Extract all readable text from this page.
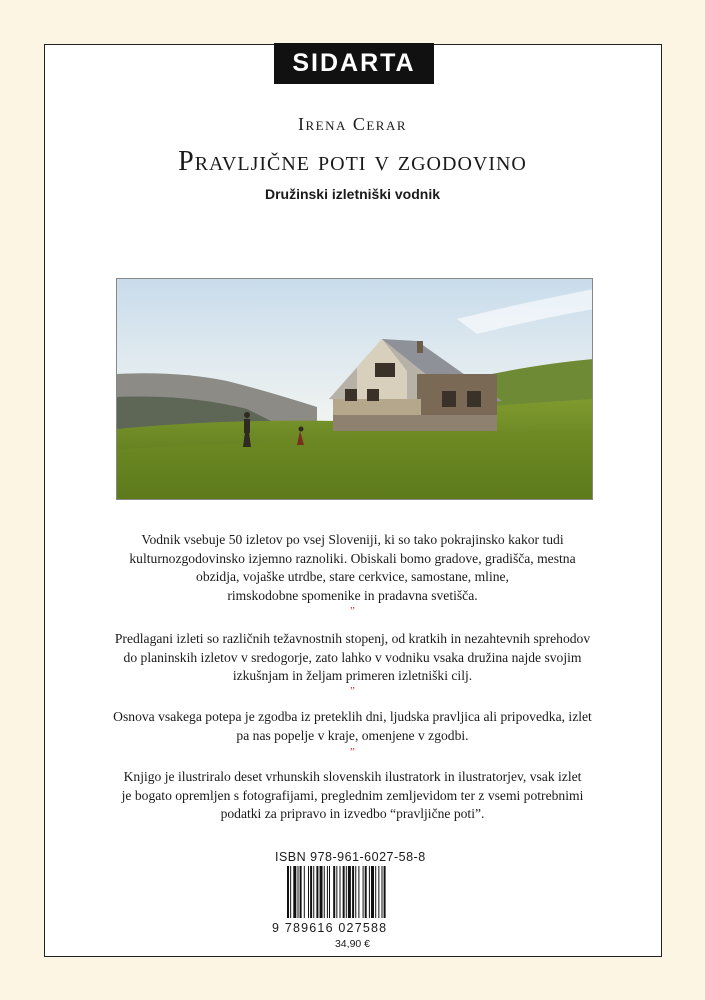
SIDARTA
Irena Cerar
Pravljične poti v zgodovino
Družinski izletniški vodnik
Vodnik vsebuje 50 izletov po vsej Sloveniji, ki so tako pokrajinsko kakor tudi
kulturnozgodovinsko izjemno raznoliki. Obiskali bomo gradove, gradišča, mestna
obzidja, vojaške utrdbe, stare cerkvice, samostane, mline,
rimskodobne spomenike in pradavna svetišča.
”
Predlagani izleti so različnih težavnostnih stopenj, od kratkih in nezahtevnih sprehodov
do planinskih izletov v sredogorje, zato lahko v vodniku vsaka družina najde svojim
izkušnjam in željam primeren izletniški cilj.
”
Osnova vsakega potepa je zgodba iz preteklih dni, ljudska pravljica ali pripovedka, izlet
pa nas popelje v kraje, omenjene v zgodbi.
”
Knjigo je ilustriralo deset vrhunskih slovenskih ilustratork in ilustratorjev, vsak izlet
je bogato opremljen s fotografijami, preglednim zemljevidom ter z vsemi potrebnimi
podatki za pripravo in izvedbo “pravljične poti”.
ISBN 978-961-6027-58-8
9 789616 027588
34,90 €
